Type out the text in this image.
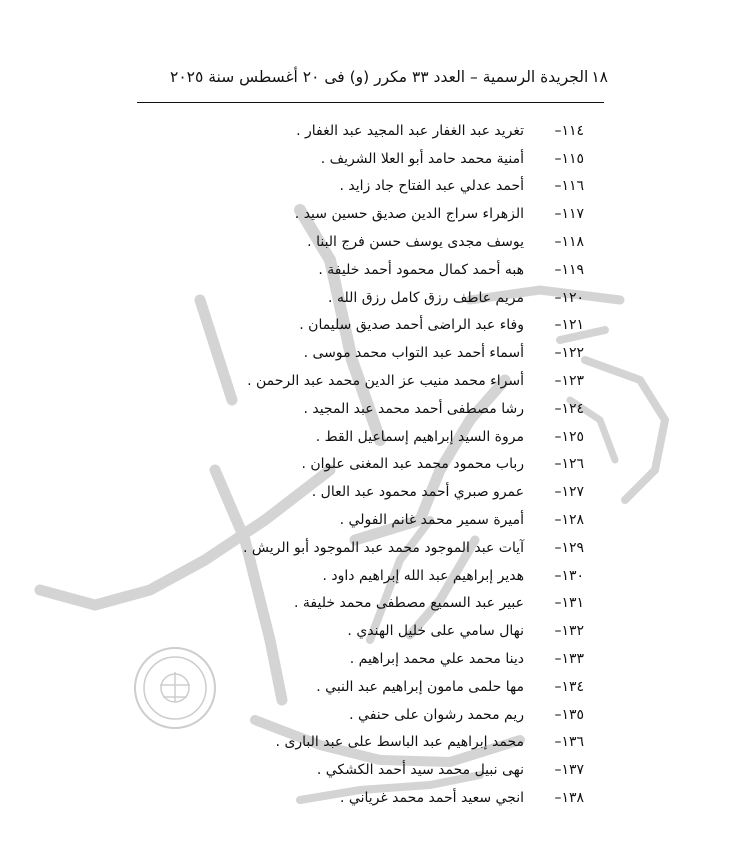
١٨
الجريدة الرسمية – العدد ٣٣ مكرر (و) فى ٢٠ أغسطس سنة ٢٠٢٥
١١٤–
تغريد عبد الغفار عبد المجيد عبد الغفار .
١١٥–
أمنية محمد حامد أبو العلا الشريف .
١١٦–
أحمد عدلي عبد الفتاح جاد زايد .
١١٧–
الزهراء سراج الدين صديق حسين سيد .
١١٨–
يوسف مجدى يوسف حسن فرج البنا .
١١٩–
هبه أحمد كمال محمود أحمد خليفة .
١٢٠–
مريم عاطف رزق كامل رزق الله .
١٢١–
وفاء عبد الراضى أحمد صديق سليمان .
١٢٢–
أسماء أحمد عبد التواب محمد موسى .
١٢٣–
أسراء محمد منيب عز الدين محمد عبد الرحمن .
١٢٤–
رشا مصطفى أحمد محمد عبد المجيد .
١٢٥–
مروة السيد إبراهيم إسماعيل القط .
١٢٦–
رباب محمود محمد عبد المغنى علوان .
١٢٧–
عمرو صبري أحمد محمود عبد العال .
١٢٨–
أميرة سمير محمد غانم الفولي .
١٢٩–
آيات عبد الموجود محمد عبد الموجود أبو الريش .
١٣٠–
هدير إبراهيم عبد الله إبراهيم داود .
١٣١–
عبير عبد السميع مصطفى محمد خليفة .
١٣٢–
نهال سامي على خليل الهندي .
١٣٣–
دينا محمد علي محمد إبراهيم .
١٣٤–
مها حلمى مامون إبراهيم عبد النبي .
١٣٥–
ريم محمد رشوان على حنفي .
١٣٦–
محمد إبراهيم عبد الباسط على عبد البارى .
١٣٧–
نهى نبيل محمد سيد أحمد الكشكي .
١٣٨–
انجي سعيد أحمد محمد غرياني .
